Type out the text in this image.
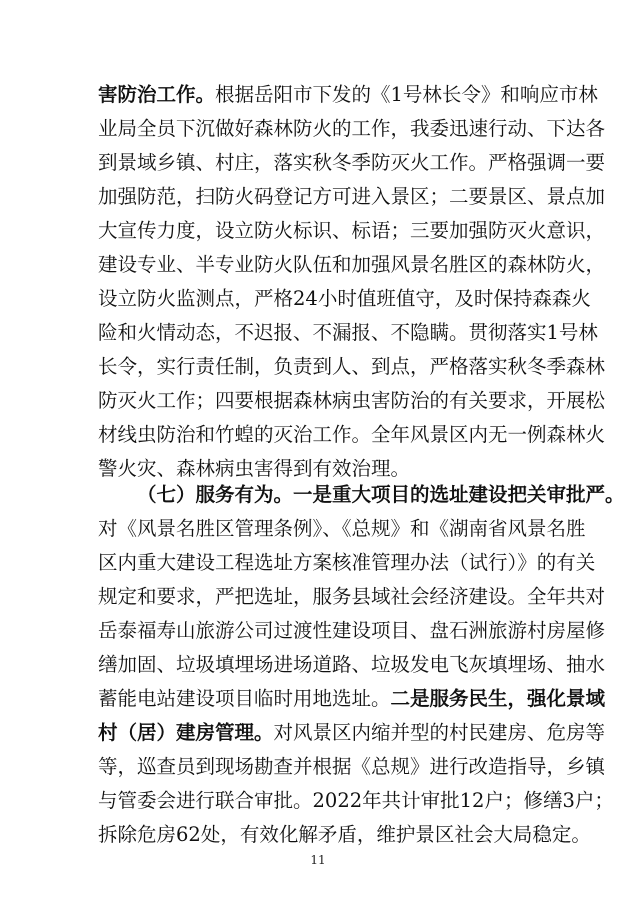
害防治工作。根据岳阳市下发的《1号林长令》和响应市林
业局全员下沉做好森林防火的工作，我委迅速行动、下达各
到景域乡镇、村庄，落实秋冬季防灭火工作。严格强调一要
加强防范，扫防火码登记方可进入景区；二要景区、景点加
大宣传力度，设立防火标识、标语；三要加强防灭火意识，
建设专业、半专业防火队伍和加强风景名胜区的森林防火，
设立防火监测点，严格24小时值班值守，及时保持森森火
险和火情动态，不迟报、不漏报、不隐瞒。贯彻落实1号林
长令，实行责任制，负责到人、到点，严格落实秋冬季森林
防灭火工作；四要根据森林病虫害防治的有关要求，开展松
材线虫防治和竹蝗的灭治工作。全年风景区内无一例森林火
警火灾、森林病虫害得到有效治理。
（七）服务有为。一是重大项目的选址建设把关审批严。
对《风景名胜区管理条例》、《总规》和《湖南省风景名胜
区内重大建设工程选址方案核准管理办法（试行）》的有关
规定和要求，严把选址，服务县域社会经济建设。全年共对
岳泰福寿山旅游公司过渡性建设项目、盘石洲旅游村房屋修
缮加固、垃圾填埋场进场道路、垃圾发电飞灰填埋场、抽水
蓄能电站建设项目临时用地选址。二是服务民生，强化景域
村（居）建房管理。对风景区内缩并型的村民建房、危房等
等，巡查员到现场勘查并根据《总规》进行改造指导，乡镇
与管委会进行联合审批。2022年共计审批12户；修缮3户；
拆除危房62处，有效化解矛盾，维护景区社会大局稳定。
11
